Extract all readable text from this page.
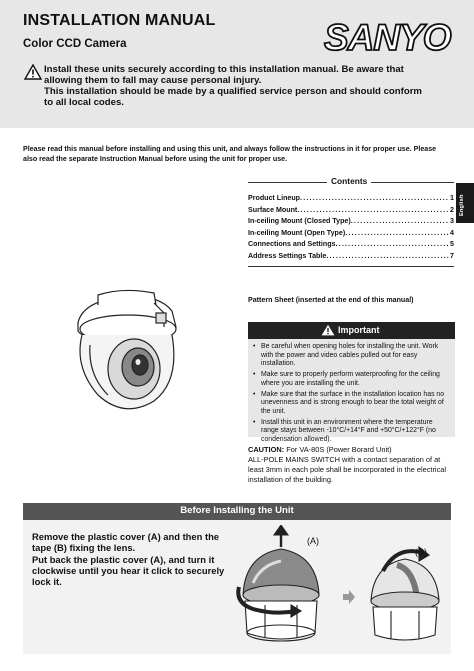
INSTALLATION MANUAL
Color CCD Camera	SANYO

Install these units securely according to this installation manual. Be aware that allowing them to fall may cause personal injury.

This installation should be made by a qualified service person and should conform to all local codes.

Please read this manual before installing and using this unit, and always follow the instructions in it for proper use. Please also read the separate Instruction Manual before using the unit for proper use.
English
Contents
Product Lineup .....	1
Surface Mount .....	2
In-ceiling Mount (Closed Type) .....	3
In-ceiling Mount (Open Type) .....	4
Connections and Settings .....	5
Address Settings Table .....	7
Pattern Sheet (inserted at the end of this manual)
Important
• Be careful when opening holes for installing the unit. Work with the power and video cables pulled out for easy installation.
• Make sure to properly perform waterproofing for the ceiling where you are installing the unit.
• Make sure that the surface in the installation location has no unevenness and is strong enough to bear the total weight of the unit.
• Install this unit in an environment where the temperature range stays between -10°C/+14°F and +50°C/+122°F (no condensation allowed).

CAUTION: For VA-80S (Power Borard Unit)

ALL-POLE MAINS SWITCH with a contact separation of at least 3mm in each pole shall be incorporated in the electrical installation of the building.

Before Installing the Unit

Remove the plastic cover (A) and then the tape (B) fixing the lens.

Put back the plastic cover (A), and turn it clockwise until you hear it click to securely lock it.

(A)
(B)
